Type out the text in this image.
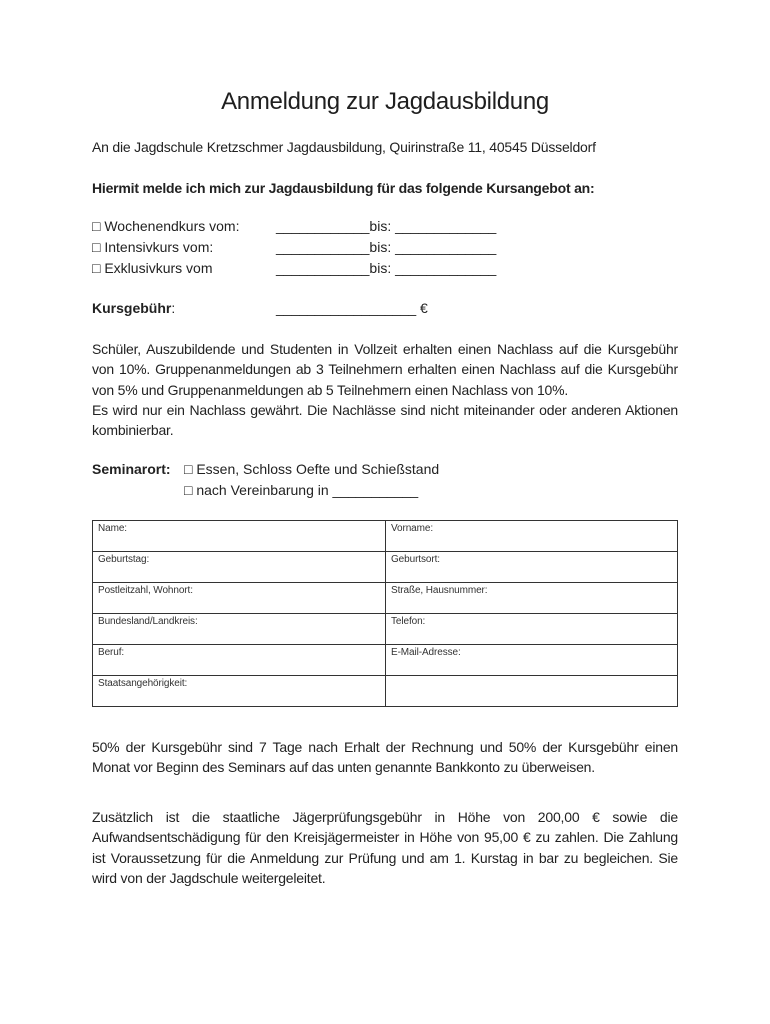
Anmeldung zur Jagdausbildung
An die Jagdschule Kretzschmer Jagdausbildung, Quirinstraße 11, 40545 Düsseldorf
Hiermit melde ich mich zur Jagdausbildung für das folgende Kursangebot an:
□ Wochenendkurs vom:	____________bis: _____________
□ Intensivkurs vom:	____________bis: _____________
□ Exklusivkurs vom	____________bis: _____________
Kursgebühr:	__________________ €

Schüler, Auszubildende und Studenten in Vollzeit erhalten einen Nachlass auf die Kursgebühr von 10%. Gruppenanmeldungen ab 3 Teilnehmern erhalten einen Nachlass auf die Kursgebühr von 5% und Gruppenanmeldungen ab 5 Teilnehmern einen Nachlass von 10%.

Es wird nur ein Nachlass gewährt. Die Nachlässe sind nicht miteinander oder anderen Aktionen kombinierbar.

Seminarort: □ Essen, Schloss Oefte und Schießstand
□ nach Vereinbarung in ___________
Name:	Vorname:
Geburtstag:	Geburtsort:
Postleitzahl, Wohnort:	Straße, Hausnummer:
Bundesland/Landkreis:	Telefon:
Beruf:	E-Mail-Adresse:
Staatsangehörigkeit:	
50% der Kursgebühr sind 7 Tage nach Erhalt der Rechnung und 50% der Kursgebühr einen Monat vor Beginn des Seminars auf das unten genannte Bankkonto zu überweisen.
Zusätzlich ist die staatliche Jägerprüfungsgebühr in Höhe von 200,00 € sowie die Aufwandsentschädigung für den Kreisjägermeister in Höhe von 95,00 € zu zahlen. Die Zahlung ist Voraussetzung für die Anmeldung zur Prüfung und am 1. Kurstag in bar zu begleichen. Sie wird von der Jagdschule weitergeleitet.
